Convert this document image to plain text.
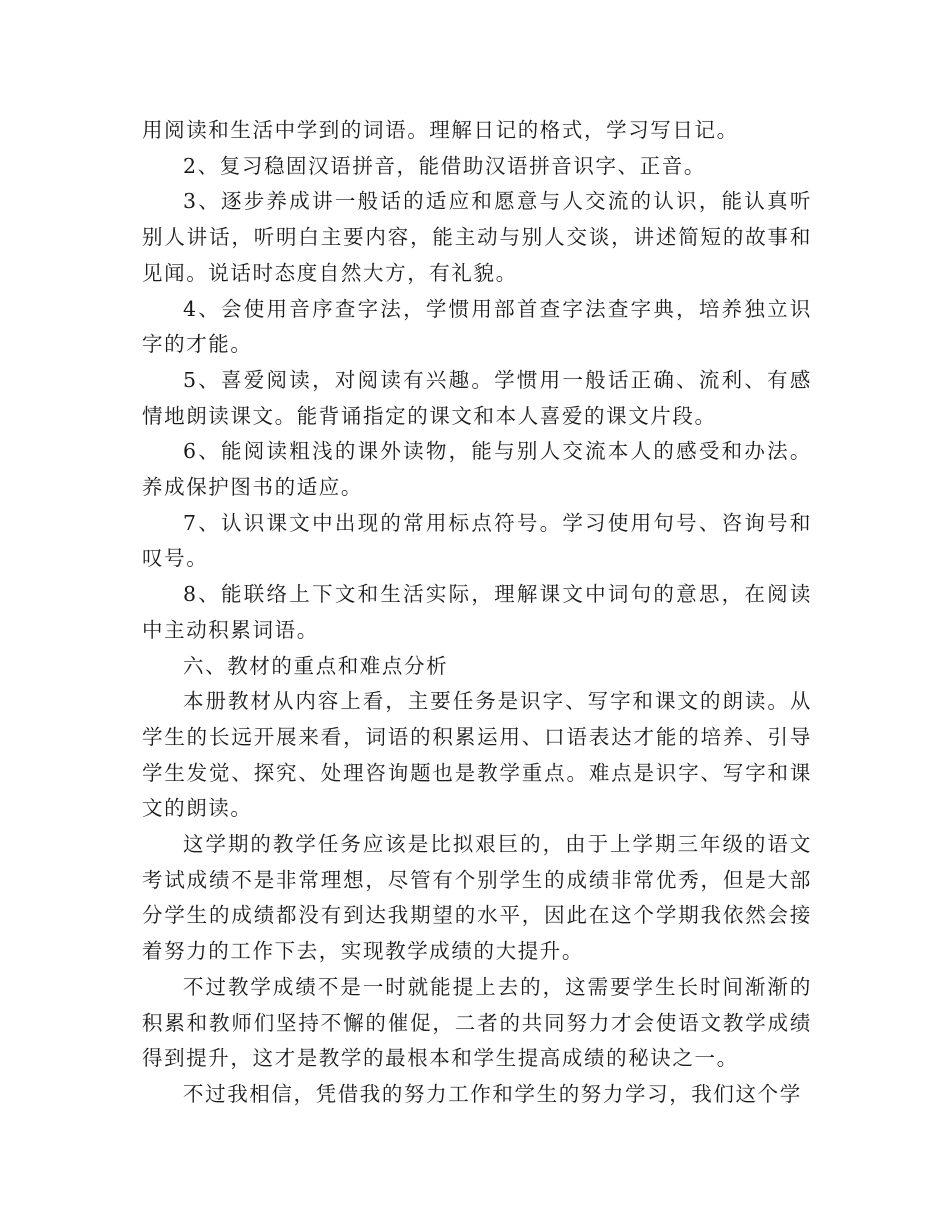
用阅读和生活中学到的词语。理解日记的格式，学习写日记。

2、复习稳固汉语拼音，能借助汉语拼音识字、正音。

3、逐步养成讲一般话的适应和愿意与人交流的认识，能认真听别人讲话，听明白主要内容，能主动与别人交谈，讲述简短的故事和见闻。说话时态度自然大方，有礼貌。

4、会使用音序查字法，学惯用部首查字法查字典，培养独立识字的才能。

5、喜爱阅读，对阅读有兴趣。学惯用一般话正确、流利、有感情地朗读课文。能背诵指定的课文和本人喜爱的课文片段。

6、能阅读粗浅的课外读物，能与别人交流本人的感受和办法。养成保护图书的适应。

7、认识课文中出现的常用标点符号。学习使用句号、咨询号和叹号。

8、能联络上下文和生活实际，理解课文中词句的意思，在阅读中主动积累词语。

六、教材的重点和难点分析

本册教材从内容上看，主要任务是识字、写字和课文的朗读。从学生的长远开展来看，词语的积累运用、口语表达才能的培养、引导学生发觉、探究、处理咨询题也是教学重点。难点是识字、写字和课文的朗读。

这学期的教学任务应该是比拟艰巨的，由于上学期三年级的语文考试成绩不是非常理想，尽管有个别学生的成绩非常优秀，但是大部分学生的成绩都没有到达我期望的水平，因此在这个学期我依然会接着努力的工作下去，实现教学成绩的大提升。

不过教学成绩不是一时就能提上去的，这需要学生长时间渐渐的积累和教师们坚持不懈的催促，二者的共同努力才会使语文教学成绩得到提升，这才是教学的最根本和学生提高成绩的秘诀之一。

不过我相信，凭借我的努力工作和学生的努力学习，我们这个学
